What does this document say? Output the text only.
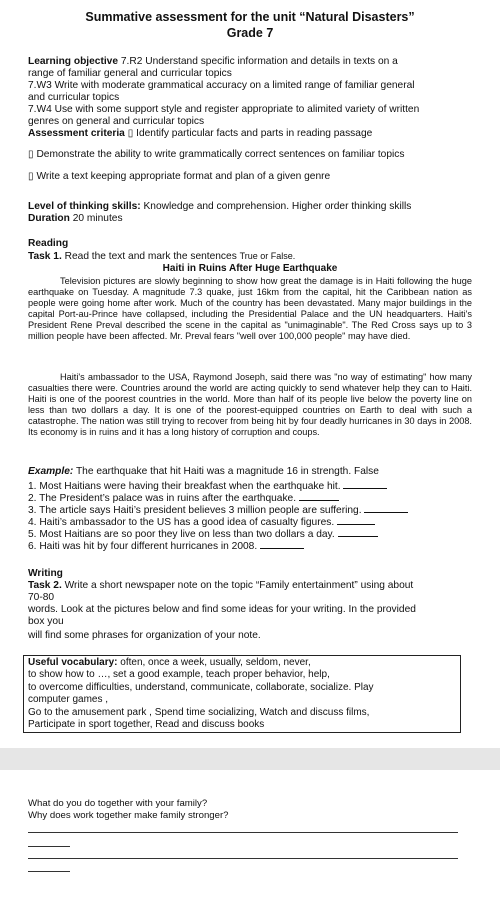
Summative assessment for the unit “Natural Disasters”
Grade 7
Learning objective 7.R2 Understand specific information and details in texts on a
range of familiar general and curricular topics
7.W3 Write with moderate grammatical accuracy on a limited range of familiar general
and curricular topics
7.W4 Use with some support style and register appropriate to alimited variety of written
genres on general and curricular topics
Assessment criteria ▯ Identify particular facts and parts in reading passage
▯ Demonstrate the ability to write grammatically correct sentences on familiar topics
▯ Write a text keeping appropriate format and plan of a given genre
Level of thinking skills: Knowledge and comprehension. Higher order thinking skills
Duration 20 minutes
Reading
Task 1. Read the text and mark the sentences True or False.
Haiti in Ruins After Huge Earthquake
Television pictures are slowly beginning to show how great the damage is in Haiti following the huge earthquake on Tuesday. A magnitude 7.3 quake, just 16km from the capital, hit the Caribbean nation as people were going home after work. Much of the country has been devastated. Many major buildings in the capital Port-au-Prince have collapsed, including the Presidential Palace and the UN headquarters. Haiti's President Rene Preval described the scene in the capital as "unimaginable". The Red Cross says up to 3 million people have been affected. Mr. Preval fears "well over 100,000 people" may have died.
Haiti's ambassador to the USA, Raymond Joseph, said there was "no way of estimating" how many casualties there were. Countries around the world are acting quickly to send whatever help they can to Haiti. Haiti is one of the poorest countries in the world. More than half of its people live below the poverty line on less than two dollars a day. It is one of the poorest-equipped countries on Earth to deal with such a catastrophe. The nation was still trying to recover from being hit by four deadly hurricanes in 30 days in 2008. Its economy is in ruins and it has a long history of corruption and coups.
Example: The earthquake that hit Haiti was a magnitude 16 in strength. False
1. Most Haitians were having their breakfast when the earthquake hit.
2. The President’s palace was in ruins after the earthquake.
3. The article says Haiti’s president believes 3 million people are suffering.
4. Haiti’s ambassador to the US has a good idea of casualty figures.
5. Most Haitians are so poor they live on less than two dollars a day.
6. Haiti was hit by four different hurricanes in 2008.
Writing
Task 2. Write a short newspaper note on the topic “Family entertainment” using about
70-80
words. Look at the pictures below and find some ideas for your writing. In the provided
box you
will find some phrases for organization of your note.
Useful vocabulary: often, once a week, usually, seldom, never,
to show how to …, set a good example, teach proper behavior, help,
to overcome difficulties, understand, communicate, collaborate, socialize. Play
computer games ,
Go to the amusement park , Spend time socializing, Watch and discuss films,
Participate in sport together, Read and discuss books
What do you do together with your family?
Why does work together make family stronger?
